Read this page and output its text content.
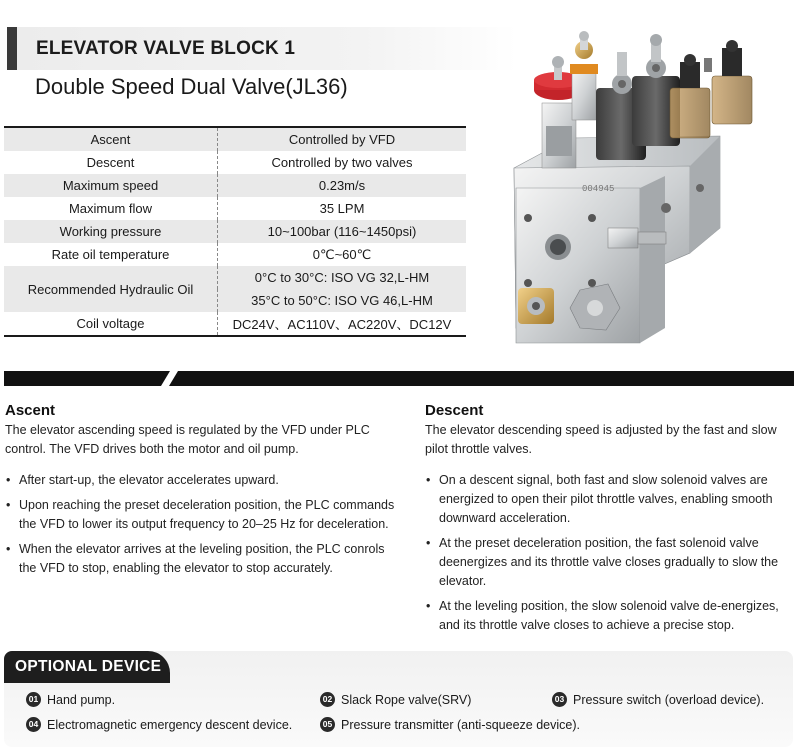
ELEVATOR VALVE BLOCK 1
Double Speed Dual Valve(JL36)
Ascent	Controlled by VFD
Descent	Controlled by two valves
Maximum speed	0.23m/s
Maximum flow	35 LPM
Working pressure	10~100bar (116~1450psi)
Rate oil temperature	0℃~60℃
Recommended Hydraulic Oil	0°C to 30°C: ISO VG 32,L-HM
	35°C to 50°C: ISO VG 46,L-HM
Coil voltage	DC24V、AC110V、AC220V、DC12V
004945
Ascent

The elevator ascending speed is regulated by the VFD under PLC control. The VFD drives both the motor and oil pump.

• After start-up, the elevator accelerates upward.
• Upon reaching the preset deceleration position, the PLC commands the VFD to lower its output frequency to 20–25 Hz for deceleration.
• When the elevator arrives at the leveling position, the PLC conrols the VFD to stop, enabling the elevator to stop accurately.
Descent

The elevator descending speed is adjusted by the fast and slow pilot throttle valves.

• On a descent signal, both fast and slow solenoid valves are energized to open their pilot throttle valves, enabling smooth downward acceleration.
• At the preset deceleration position, the fast solenoid valve deenergizes and its throttle valve closes gradually to slow the elevator.
• At the leveling position, the slow solenoid valve de-energizes, and its throttle valve closes to achieve a precise stop.
OPTIONAL DEVICE
01 Hand pump.	02 Slack Rope valve(SRV)	03 Pressure switch (overload device).
04 Electromagnetic emergency descent device.	05 Pressure transmitter (anti-squeeze device).
